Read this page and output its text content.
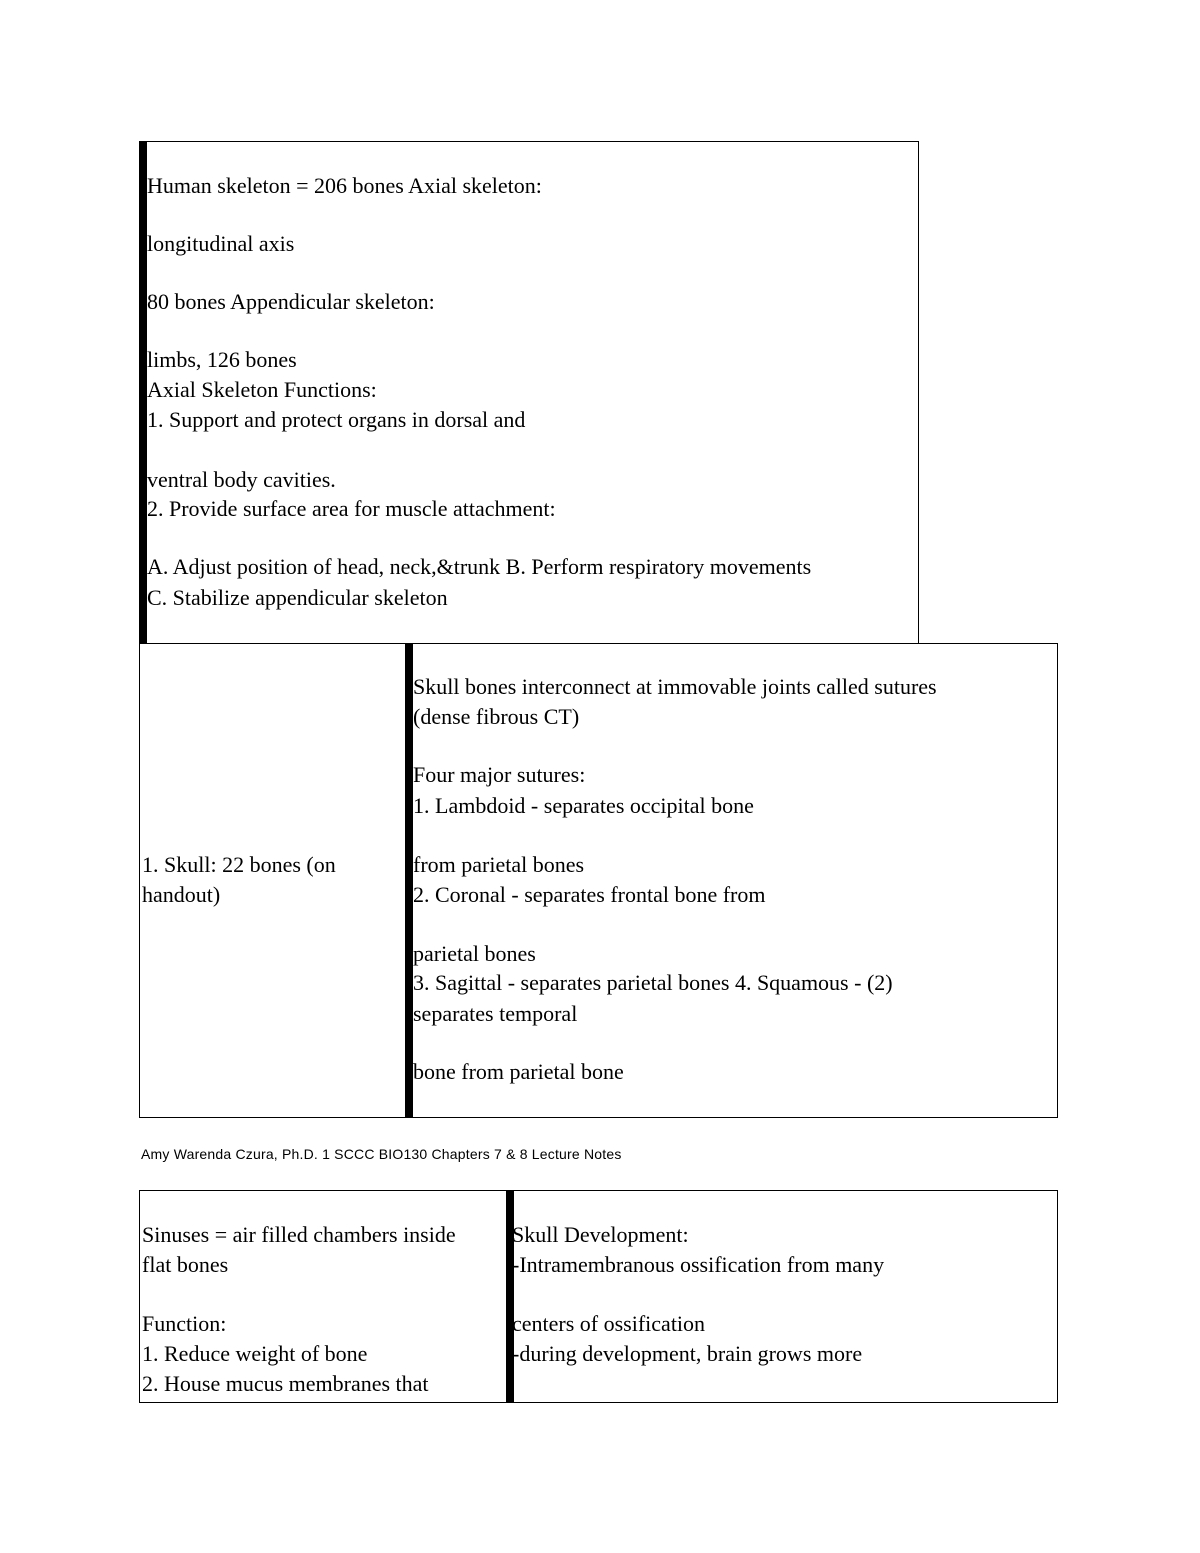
Human skeleton = 206 bones Axial skeleton:
longitudinal axis
80 bones Appendicular skeleton:
limbs, 126 bones
Axial Skeleton Functions:
1. Support and protect organs in dorsal and
ventral body cavities.
2. Provide surface area for muscle attachment:
A. Adjust position of head, neck,&trunk B. Perform respiratory movements
C. Stabilize appendicular skeleton
1. Skull: 22 bones (on
handout)
Skull bones interconnect at immovable joints called sutures
(dense fibrous CT)
Four major sutures:
1. Lambdoid - separates occipital bone
from parietal bones
2. Coronal - separates frontal bone from
parietal bones
3. Sagittal - separates parietal bones 4. Squamous - (2)
separates temporal
bone from parietal bone
Amy Warenda Czura, Ph.D. 1 SCCC BIO130 Chapters 7 & 8 Lecture Notes
Sinuses = air filled chambers inside
flat bones
Function:
1. Reduce weight of bone
2. House mucus membranes that
Skull Development:
-Intramembranous ossification from many
centers of ossification
-during development, brain grows more
